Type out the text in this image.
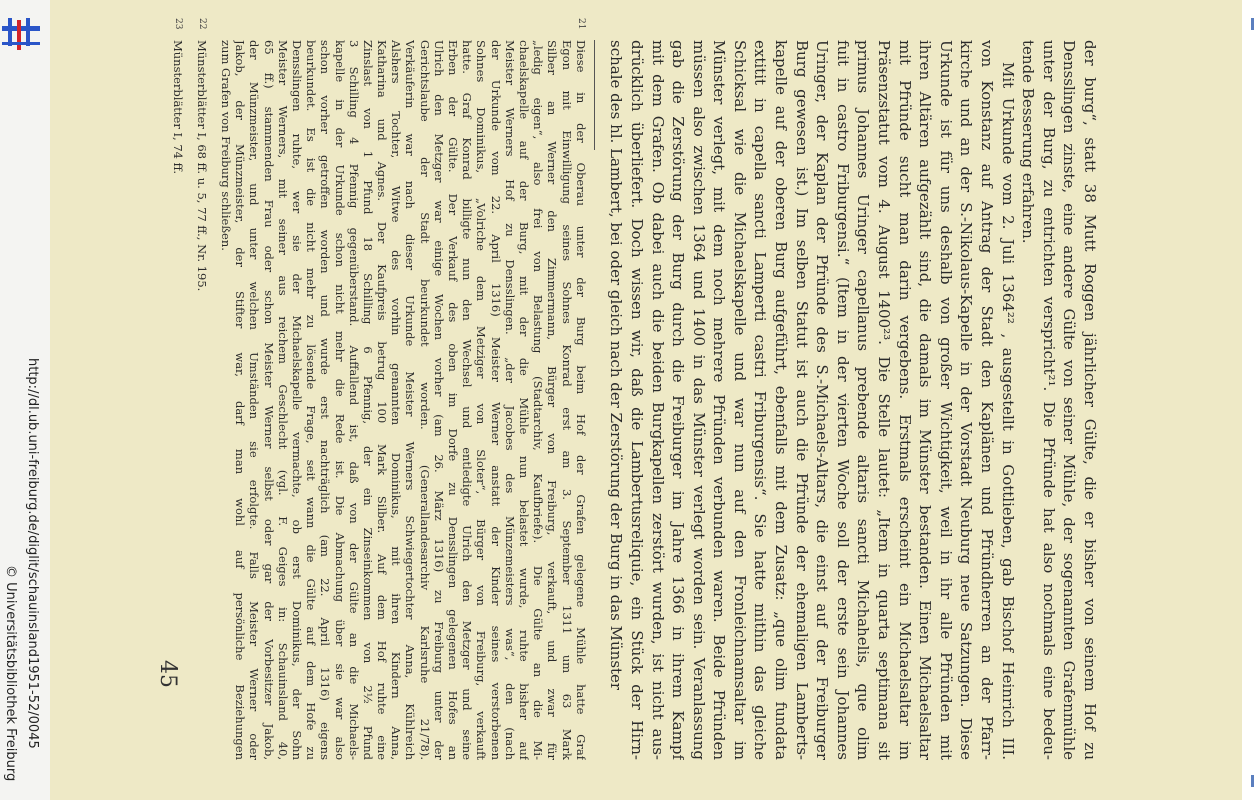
http://dl.ub.uni-freiburg.de/diglit/schauinsland1951-52/0045
© Universitätsbibliothek Freiburg	der burg“, statt 38 Mutt Roggen jährlicher Gülte, die er bisher von seinem Hof zu
Densslingen zinste, eine andere Gülte von seiner Mühle, der sogenannten Grafenmühle
unter der Burg, zu entrichten verspricht²¹. Die Pfründe hat also nochmals eine bedeu-
tende Besserung erfahren.
Mit Urkunde vom 2. Juli 1364²² , ausgestellt in Gottlieben, gab Bischof Heinrich III.
von Konstanz auf Antrag der Stadt den Kaplänen und Pfründherren an der Pfarr-
kirche und an der S.-Nikolaus-Kapelle in der Vorstadt Neuburg neue Satzungen. Diese
Urkunde ist für uns deshalb von großer Wichtigkeit, weil in ihr alle Pfründen mit
ihren Altären aufgezählt sind, die damals im Münster bestanden. Einen Michaelsaltar
mit Pfründe sucht man darin vergebens. Erstmals erscheint ein Michaelsaltar im
Präsenzstatut vom 4. August 1400²³. Die Stelle lautet: „Item in quarta septimana sit
primus Johannes Uringer capellanus prebende altaris sancti Michahelis, que olim
fuit in castro Friburgensi.“ (Item in der vierten Woche soll der erste sein Johannes
Uringer, der Kaplan der Pfründe des S.-Michaels-Altars, die einst auf der Freiburger
Burg gewesen ist.) Im selben Statut ist auch die Pfründe der ehemaligen Lamberts-
kapelle auf der oberen Burg aufgeführt, ebenfalls mit dem Zusatz: „que olim fundata
extitit in capella sancti Lamperti castri Friburgensis“. Sie hatte mithin das gleiche
Schicksal wie die Michaelskapelle und war nun auf den Fronleichnamsaltar im
Münster verlegt, mit dem noch mehrere Pfründen verbunden waren. Beide Pfründen
müssen also zwischen 1364 und 1400 in das Münster verlegt worden sein. Veranlassung
gab die Zerstörung der Burg durch die Freiburger im Jahre 1366 in ihrem Kampf
mit dem Grafen. Ob dabei auch die beiden Burgkapellen zerstört wurden, ist nicht aus-
drücklich überliefert. Doch wissen wir, daß die Lambertusreliquie, ein Stück der Hirn-
schale des hl. Lambert, bei oder gleich nach der Zerstörung der Burg in das Münster
21
Diese in der Oberau unter der Burg beim Hof der Grafen gelegene Mühle hatte Graf
Egon mit Einwilligung seines Sohnes Konrad erst am 3. September 1311 um 63 Mark
Silber an Werner den Zimmermann, Bürger von Freiburg, verkauft, und zwar für
„ledig eigen“, also frei von Belastung (Stadtarchiv, Kaufbriefe). Die Gülte an die Mi-
chaelskapelle auf der Burg, mit der die Mühle nun belastet wurde, ruhte bisher auf
Meister Werners Hof zu Densslingen. „der Jacobes des Münzemeisters was“, den (nach
der Urkunde vom 22. April 1316) Meister Werner anstatt der Kinder seines verstorbenen
Sohnes Dominikus, „Volriche dem Metziger von Sloter“, Bürger von Freiburg, verkauft
hatte. Graf Konrad billigte nun den Wechsel und entledigte Ulrich den Metzger und seine
Erben der Gülte. Der Verkauf des oben im Dorfe zu Densslingen gelegenen Hofes an
Ulrich den Metzger war einige Wochen vorher (am 26. März 1316) zu Freiburg unter der
Gerichtslaube der Stadt beurkundet worden. (Generallandesarchiv Karlsruhe 21/78).
Verkäuferin war nach dieser Urkunde Meister Werners Schwiegertochter Anna, Kühlreich
Alshers Tochter, Witwe des vorhin genannten Dominikus, mit ihren Kindern Anna,
Katharina und Agnes. Der Kaufpreis betrug 100 Mark Silber. Auf dem Hof ruhte eine
Zinslast von 1 Pfund 18 Schilling 6 Pfennig, der ein Zinseinkommen von 2½ Pfund
3 Schilling 4 Pfennig gegenüberstand. Auffallend ist, daß von der Gülte an die Michaels-
kapelle in der Urkunde schon nicht mehr die Rede ist. Die Abmachung über sie war also
schon vorher getroffen worden und wurde erst nachträglich (am 22. April 1316) eigens
beurkundet. Es ist die nicht mehr zu lösende Frage, seit wann die Gülte auf dem Hofe zu
Densslingen ruhte, wer sie der Michaelskapelle vermachte, ob erst Dominikus, der Sohn
Meister Werners, mit seiner aus reichem Geschlecht (vgl. F. Geiges in: Schauinsland 40,
65 ff.) stammenden Frau oder schon Meister Werner selbst oder gar der Vorbesitzer Jakob,
der Münzmeister, und unter welchen Umständen sie erfolgte. Falls Meister Werner oder
Jakob, der Münzmeister, der Stifter war, darf man wohl auf persönliche Beziehungen
zum Grafen von Freiburg schließen.
22
Münsterblätter I, 68 ff. u. 5, 77 ff., Nr. 195.
23
Münsterblätter I, 74 ff.
45
